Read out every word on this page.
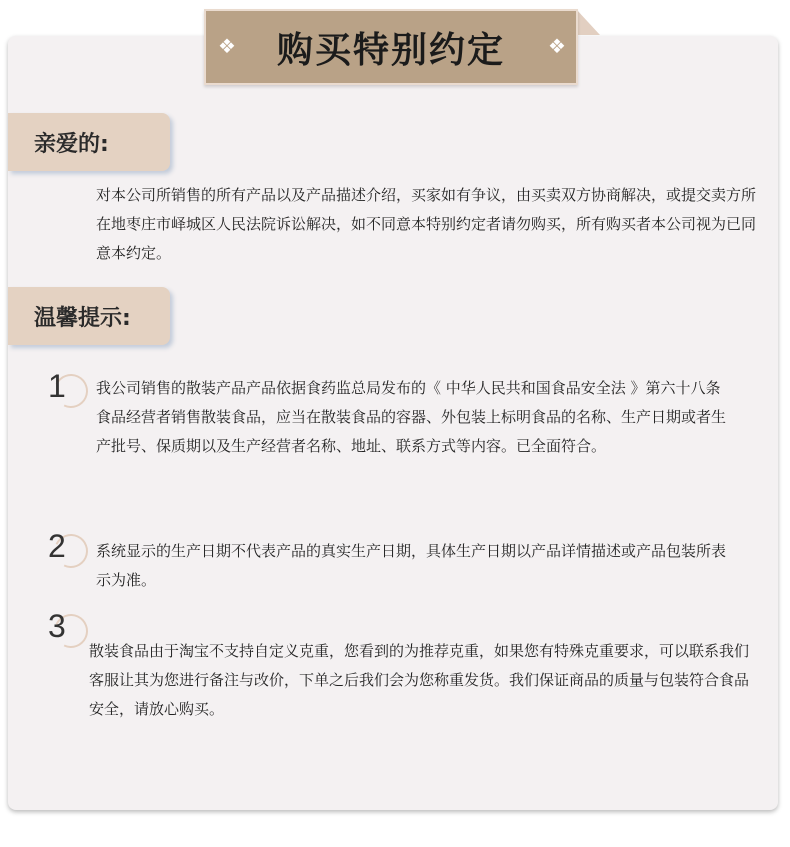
购买特别约定
❖	❖
亲爱的:
对本公司所销售的所有产品以及产品描述介绍，买家如有争议，由买卖双方协商解决，或提交卖方所在地枣庄市峄城区人民法院诉讼解决，如不同意本特别约定者请勿购买，所有购买者本公司视为已同意本约定。
温馨提示:
1 我公司销售的散装产品产品依据食药监总局发布的《 中华人民共和国食品安全法 》第六十八条 食品经营者销售散装食品，应当在散装食品的容器、外包装上标明食品的名称、生产日期或者生产批号、保质期以及生产经营者名称、地址、联系方式等内容。已全面符合。
2 系统显示的生产日期不代表产品的真实生产日期，具体生产日期以产品详情描述或产品包装所表示为准。
3
散装食品由于淘宝不支持自定义克重，您看到的为推荐克重，如果您有特殊克重要求，可以联系我们客服让其为您进行备注与改价，下单之后我们会为您称重发货。我们保证商品的质量与包装符合食品安全，请放心购买。
